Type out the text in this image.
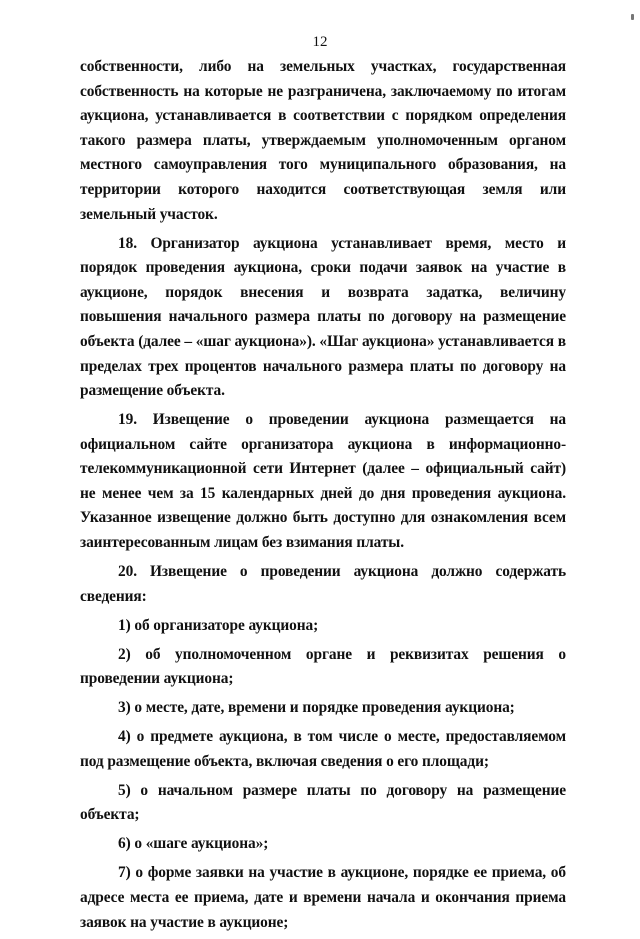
12

собственности, либо на земельных участках, государственная собственность на которые не разграничена, заключаемому по итогам аукциона, устанавливается в соответствии с порядком определения такого размера платы, утверждаемым уполномоченным органом местного самоуправления того муниципального образования, на территории которого находится соответствующая земля или земельный участок.

18. Организатор аукциона устанавливает время, место и порядок проведения аукциона, сроки подачи заявок на участие в аукционе, порядок внесения и возврата задатка, величину повышения начального размера платы по договору на размещение объекта (далее – «шаг аукциона»). «Шаг аукциона» устанавливается в пределах трех процентов начального размера платы по договору на размещение объекта.

19. Извещение о проведении аукциона размещается на официальном сайте организатора аукциона в информационно-телекоммуникационной сети Интернет (далее – официальный сайт) не менее чем за 15 календарных дней до дня проведения аукциона. Указанное извещение должно быть доступно для ознакомления всем заинтересованным лицам без взимания платы.

20. Извещение о проведении аукциона должно содержать сведения:

1) об организаторе аукциона;

2) об уполномоченном органе и реквизитах решения о проведении аукциона;

3) о месте, дате, времени и порядке проведения аукциона;

4) о предмете аукциона, в том числе о месте, предоставляемом под размещение объекта, включая сведения о его площади;

5) о начальном размере платы по договору на размещение объекта;

6) о «шаге аукциона»;

7) о форме заявки на участие в аукционе, порядке ее приема, об адресе места ее приема, дате и времени начала и окончания приема заявок на участие в аукционе;
